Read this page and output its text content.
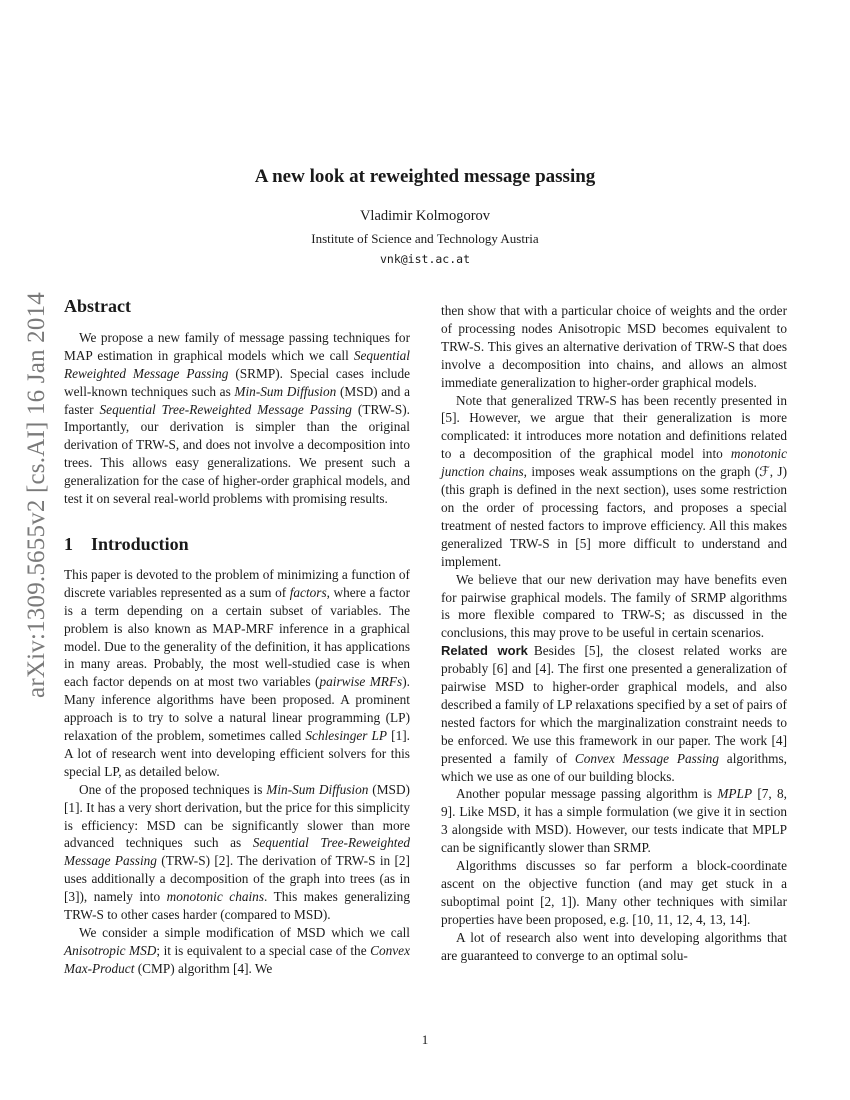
arXiv:1309.5655v2 [cs.AI] 16 Jan 2014
A new look at reweighted message passing
Vladimir Kolmogorov
Institute of Science and Technology Austria
vnk@ist.ac.at
Abstract

We propose a new family of message passing techniques for MAP estimation in graphical models which we call Sequential Reweighted Message Passing (SRMP). Special cases include well-known techniques such as Min-Sum Diffusion (MSD) and a faster Sequential Tree-Reweighted Message Passing (TRW-S). Importantly, our derivation is simpler than the original derivation of TRW-S, and does not involve a decomposition into trees. This allows easy generalizations. We present such a generalization for the case of higher-order graphical models, and test it on several real-world problems with promising results.

1 Introduction

This paper is devoted to the problem of minimizing a function of discrete variables represented as a sum of factors, where a factor is a term depending on a certain subset of variables. The problem is also known as MAP-MRF inference in a graphical model. Due to the generality of the definition, it has applications in many areas. Probably, the most well-studied case is when each factor depends on at most two variables (pairwise MRFs). Many inference algorithms have been proposed. A prominent approach is to try to solve a natural linear programming (LP) relaxation of the problem, sometimes called Schlesinger LP [1]. A lot of research went into developing efficient solvers for this special LP, as detailed below.

One of the proposed techniques is Min-Sum Diffusion (MSD) [1]. It has a very short derivation, but the price for this simplicity is efficiency: MSD can be significantly slower than more advanced techniques such as Sequential Tree-Reweighted Message Passing (TRW-S) [2]. The derivation of TRW-S in [2] uses additionally a decomposition of the graph into trees (as in [3]), namely into monotonic chains. This makes generalizing TRW-S to other cases harder (compared to MSD).

We consider a simple modification of MSD which we call Anisotropic MSD; it is equivalent to a special case of the Convex Max-Product (CMP) algorithm [4]. We

then show that with a particular choice of weights and the order of processing nodes Anisotropic MSD becomes equivalent to TRW-S. This gives an alternative derivation of TRW-S that does involve a decomposition into chains, and allows an almost immediate generalization to higher-order graphical models.

Note that generalized TRW-S has been recently presented in [5]. However, we argue that their generalization is more complicated: it introduces more notation and definitions related to a decomposition of the graphical model into monotonic junction chains, imposes weak assumptions on the graph (ℱ, J) (this graph is defined in the next section), uses some restriction on the order of processing factors, and proposes a special treatment of nested factors to improve efficiency. All this makes generalized TRW-S in [5] more difficult to understand and implement.

We believe that our new derivation may have benefits even for pairwise graphical models. The family of SRMP algorithms is more flexible compared to TRW-S; as discussed in the conclusions, this may prove to be useful in certain scenarios.

Related work Besides [5], the closest related works are probably [6] and [4]. The first one presented a generalization of pairwise MSD to higher-order graphical models, and also described a family of LP relaxations specified by a set of pairs of nested factors for which the marginalization constraint needs to be enforced. We use this framework in our paper. The work [4] presented a family of Convex Message Passing algorithms, which we use as one of our building blocks.

Another popular message passing algorithm is MPLP [7, 8, 9]. Like MSD, it has a simple formulation (we give it in section 3 alongside with MSD). However, our tests indicate that MPLP can be significantly slower than SRMP.

Algorithms discusses so far perform a block-coordinate ascent on the objective function (and may get stuck in a suboptimal point [2, 1]). Many other techniques with similar properties have been proposed, e.g. [10, 11, 12, 4, 13, 14].

A lot of research also went into developing algorithms that are guaranteed to converge to an optimal solu-

1
